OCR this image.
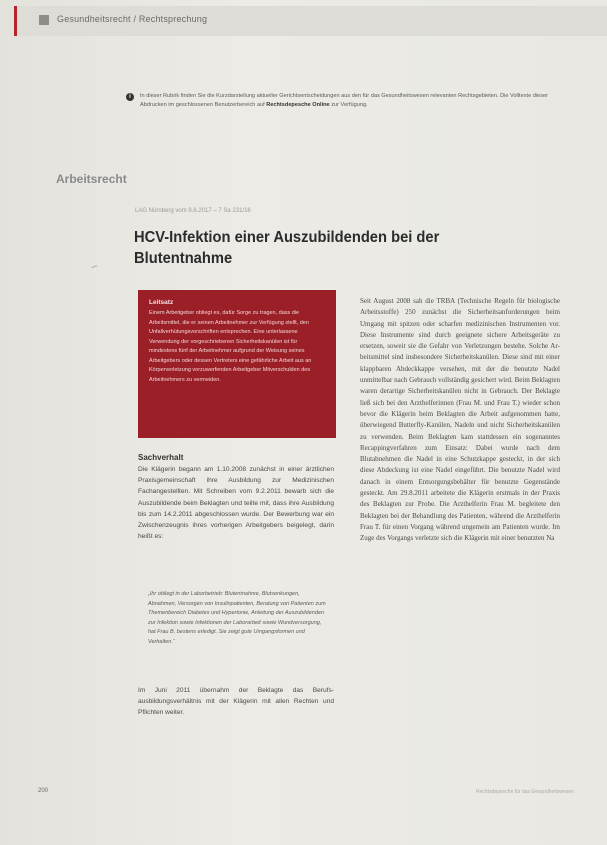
Gesundheitsrecht / Rechtsprechung
i	In dieser Rubrik finden Sie die Kurzdarstellung aktueller Gerichtsentscheidungen aus den für das Gesundheitswesen relevanten Rechtsgebieten. Die Volltexte dieser Abdrucken im geschlossenen Benutzerbereich auf Rechtsdepesche Online zur Verfügung.
Arbeitsrecht
LAG Nürnberg vom 9.6.2017 – 7 Sa 231/16
HCV-Infektion einer Auszubildenden bei der Blutentnahme
Leitsatz
Einem Arbeitgeber obliegt es, dafür Sorge zu tragen, dass die Arbeitsmittel, die er seinen Arbeitnehmer zur Verfügung stellt, den Unfallverhütungsvorschriften entsprechen. Eine unterlassene Verwendung der vorgeschriebenen Sicherheitskanülen ist für mindestens fünf der Arbeitnehmer aufgrund der Weisung seines Arbeitgebers oder dessen Vertreters eine gefährliche Arbeit aus an Körperverletzung vorzuwerfenden Arbeitgeber Mitverschulden des Arbeitnehmers zu vermeiden.
Sachverhalt

Die Klägerin begann am 1.10.2008 zunächst in einer ärztlichen Praxisgemeinschaft ihre Ausbildung zur Medizinischen Fachangestellten. Mit Schreiben vom 9.2.2011 bewarb sich die Auszubildende beim Beklagten und teilte mit, dass ihre Ausbildung bis zum 14.2.2011 abgeschlossen wurde. Der Bewerbung war ein Zwischenzeugnis ihres vorherigen Arbeitgebers beigelegt, darin heißt es:

„Ihr obliegt in der Laborbetrieb: Blutentnahme, Blutsenkungen, Abnahmen, Versorgen von Insulinpatienten, Beratung von Patienten zum Themenbereich Diabetes und Hypertonie, Anleitung der Auszubildenden zur Infektion sowie Infektionen der Laborarbeit sowie Wundversorgung, hat Frau B. bestens erledigt. Sie zeigt gute Umgangsformen und Verhalten.“

Im Juni 2011 übernahm der Beklagte das Berufsausbildungsverhältnis mit der Klägerin mit allen Rechten und Pflichten weiter.

Seit August 2008 sah die TRBA (Technische Regeln für biologische Arbeitsstoffe) 250 zunächst die Sicherheitsanforderungen beim Umgang mit spitzen oder scharfen medizinischen Instrumenten vor. Diese Instrumente sind durch geeignete sichere Arbeitsgeräte zu ersetzen, soweit sie die Gefahr von Verletzungen bestehe. Solche Arbeitsmittel sind insbesondere Sicherheitskanülen. Diese sind mit einer klappbaren Abdeckkappe versehen, mit der die benutzte Nadel unmittelbar nach Gebrauch vollständig gesichert wird. Beim Beklagten waren derartige Sicherheitskanülen nicht in Gebrauch. Der Beklagte ließ sich bei den Arzthelferinnen (Frau M. und Frau T.) wieder schon bevor die Klägerin beim Beklagten die Arbeit aufgenommen hatte, überwiegend Butterfly-Kanülen, Nadeln und nicht Sicherheitskanülen zu verwenden. Beim Beklagten kam stattdessen ein sogenanntes Recappingverfahren zum Einsatz: Dabei wurde nach dem Blutabnehmen die Nadel in eine Schutzkappe gesteckt, in der sich diese Abdeckung ist eine Nadel eingeführt. Die benutzte Nadel wird danach in einem Entsorgungsbehälter für benutzte Gegenstände gesteckt. Am 29.8.2011 arbeitete die Klägerin erstmals in der Praxis des Beklagten zur Probe. Die Arzthelferin Frau M. begleitete den Beklagten bei der Behandlung des Patienten, während die Arzthelferin Frau T. für einen Vorgang während ungemein am Patienten wurde. Im Zuge des Vorgangs verletzte sich die Klägerin mit einer benutzten Na

200	Rechtsdepesche für das Gesundheitswesen
